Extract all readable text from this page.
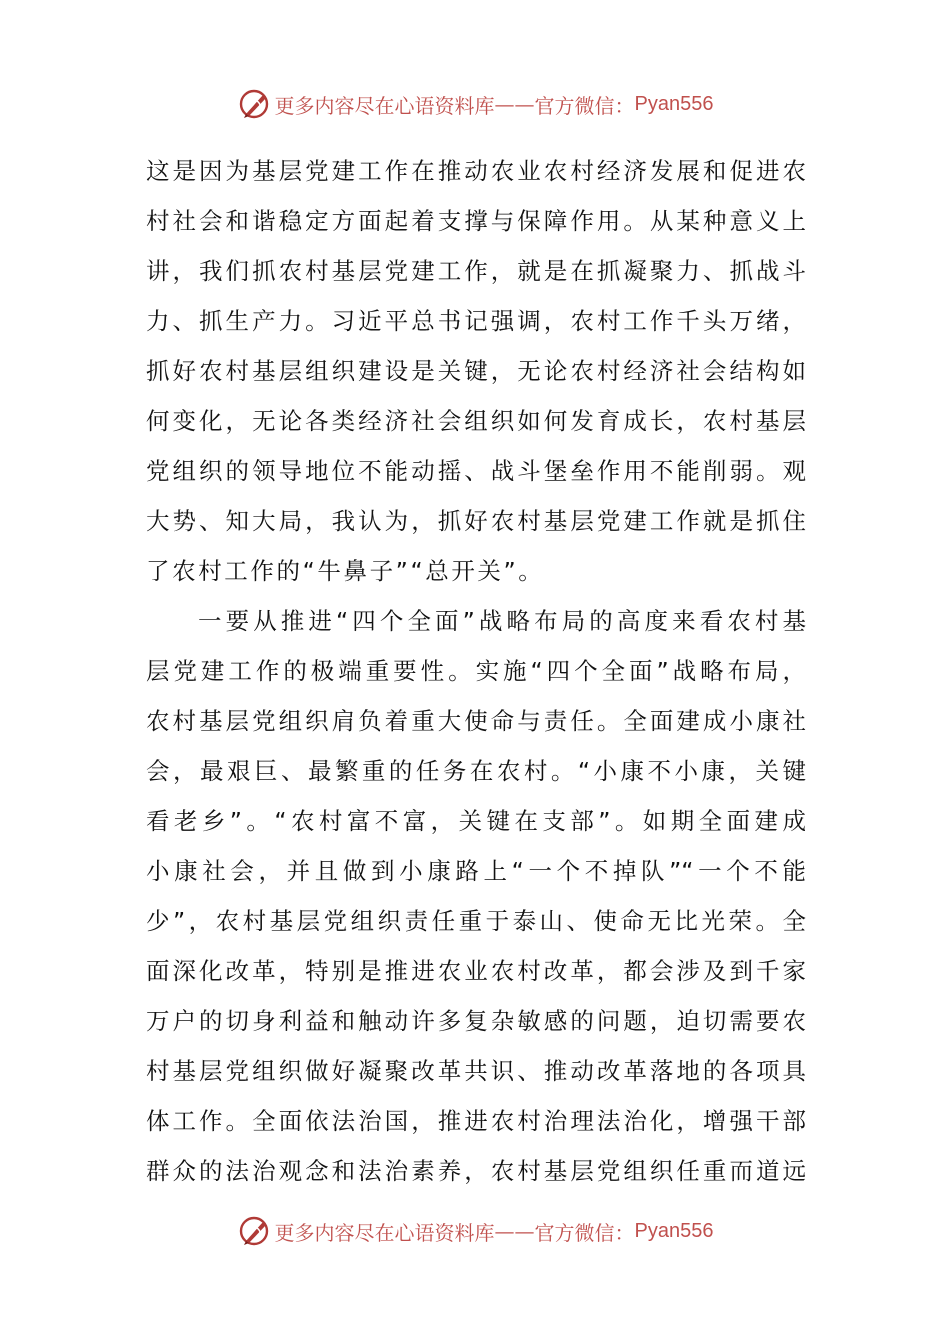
更多内容尽在心语资料库 —— 官方微信： Pyan556
这是因为基层党建工作在推动农业农村经济发展和促进农
村社会和谐稳定方面起着支撑与保障作用。从某种意义上
讲，我们抓农村基层党建工作，就是在抓凝聚力、抓战斗
力、抓生产力。习近平总书记强调，农村工作千头万绪，
抓好农村基层组织建设是关键，无论农村经济社会结构如
何变化，无论各类经济社会组织如何发育成长，农村基层
党组织的领导地位不能动摇、战斗堡垒作用不能削弱。观
大势、知大局，我认为，抓好农村基层党建工作就是抓住
了农村工作的“牛鼻子”“总开关”。
一要从推进“四个全面”战略布局的高度来看农村基
层党建工作的极端重要性。实施“四个全面”战略布局，
农村基层党组织肩负着重大使命与责任。全面建成小康社
会，最艰巨、最繁重的任务在农村。“小康不小康，关键
看老乡”。“农村富不富，关键在支部”。如期全面建成
小康社会，并且做到小康路上“一个不掉队”“一个不能
少”，农村基层党组织责任重于泰山、使命无比光荣。全
面深化改革，特别是推进农业农村改革，都会涉及到千家
万户的切身利益和触动许多复杂敏感的问题，迫切需要农
村基层党组织做好凝聚改革共识、推动改革落地的各项具
体工作。全面依法治国，推进农村治理法治化，增强干部
群众的法治观念和法治素养，农村基层党组织任重而道远
更多内容尽在心语资料库 —— 官方微信： Pyan556
